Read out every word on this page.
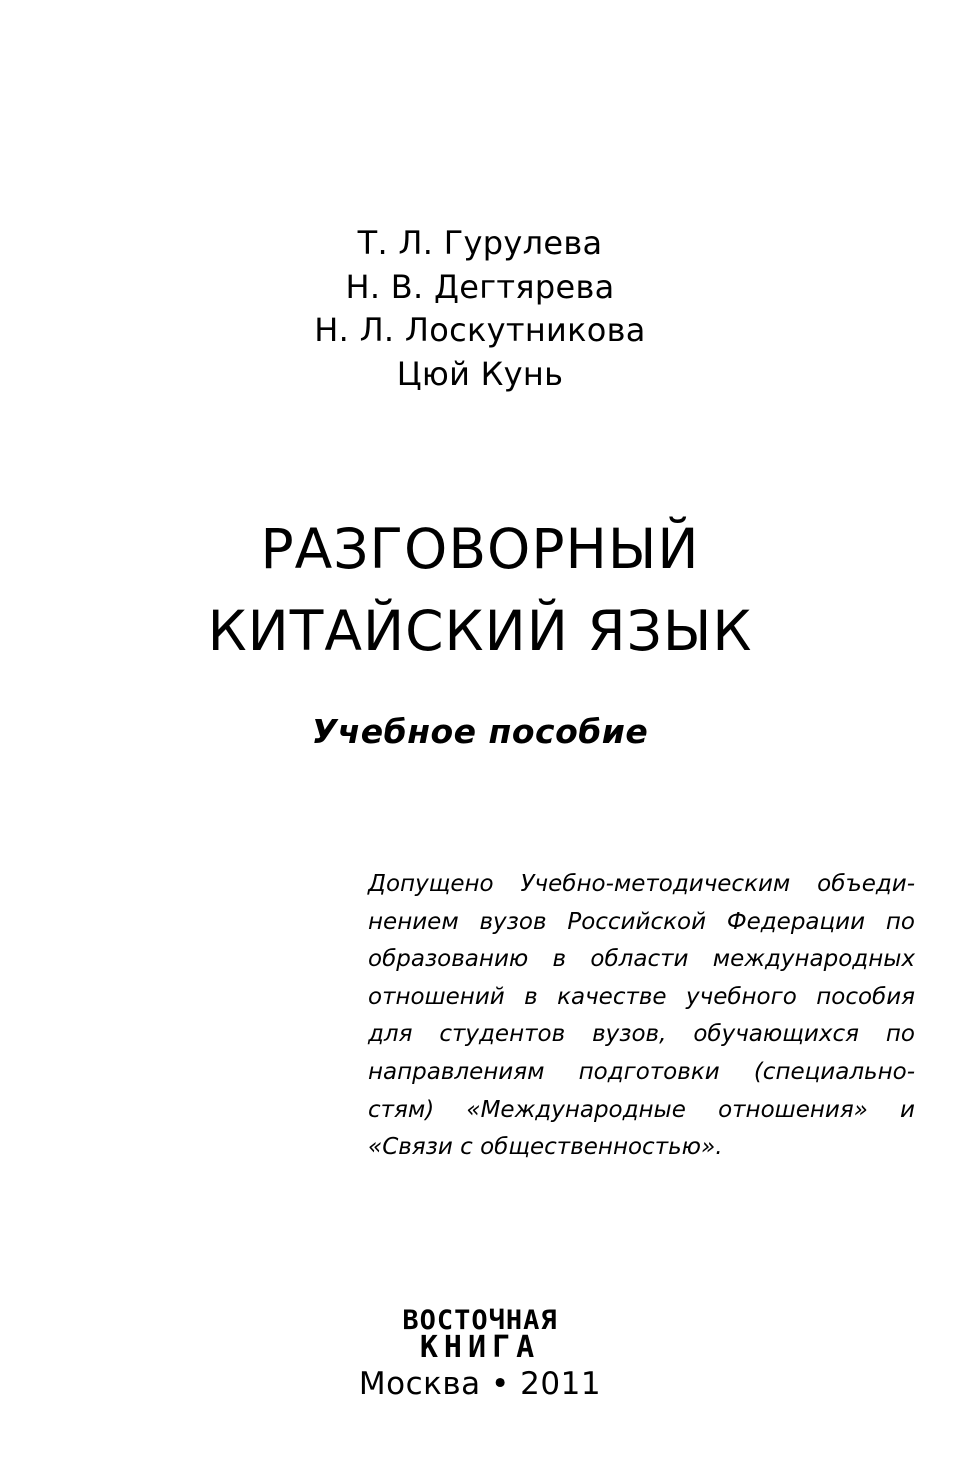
Т. Л. Гурулева
Н. В. Дегтярева
Н. Л. Лоскутникова
Цюй Кунь
РАЗГОВОРНЫЙ
КИТАЙСКИЙ ЯЗЫК
Учебное пособие
Допущено Учебно-методическим объеди-
нением вузов Российской Федерации по
образованию в области международных
отношений в качестве учебного пособия
для студентов вузов, обучающихся по
направлениям подготовки (специально-
стям) «Международные отношения» и
«Связи с общественностью».
ВОСТОЧНАЯ
КНИГА
Москва • 2011
